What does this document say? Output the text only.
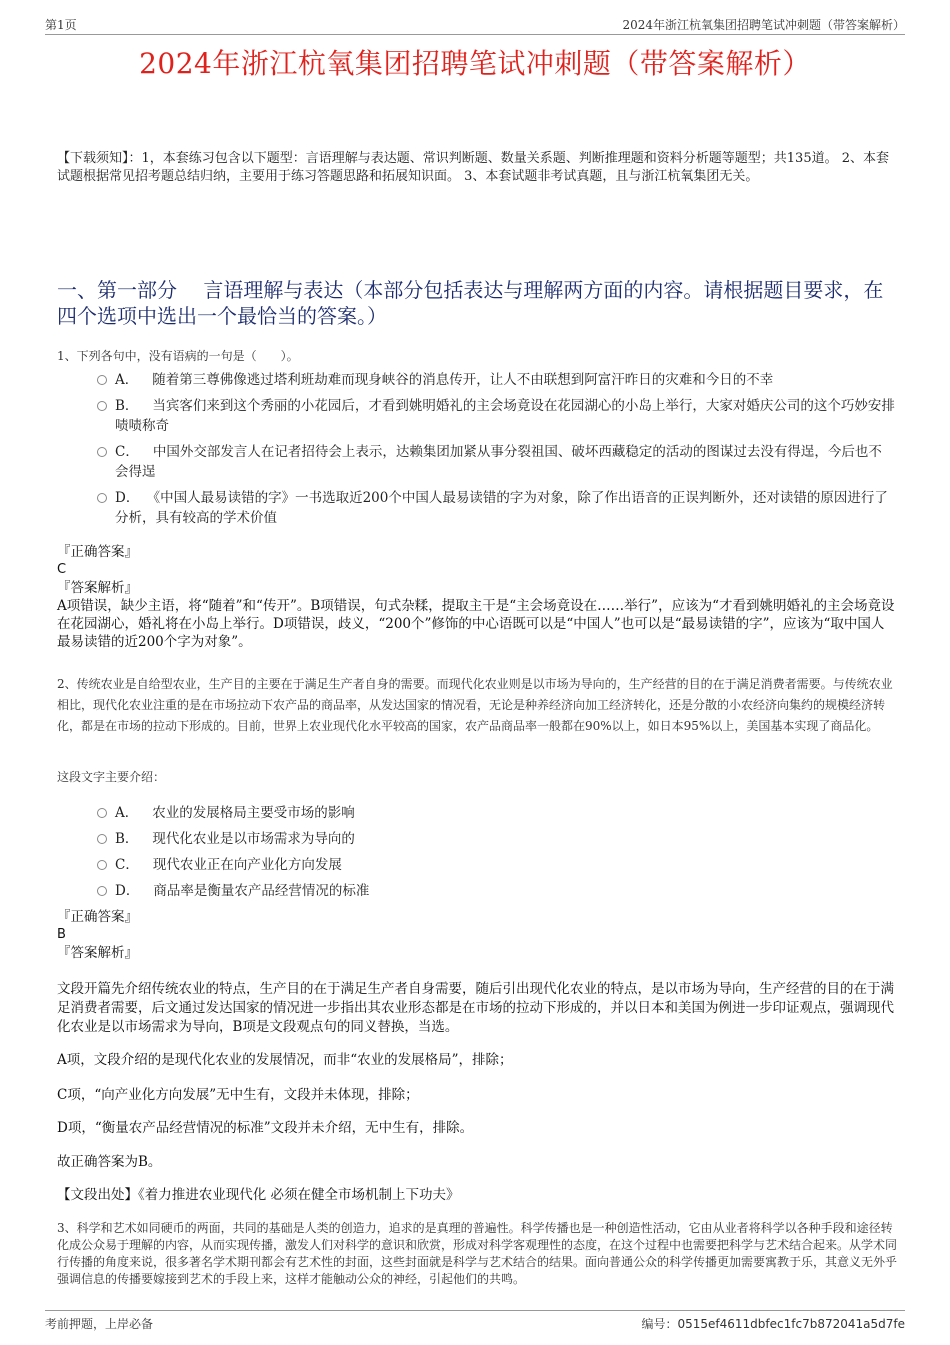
第1页	2024年浙江杭氧集团招聘笔试冲刺题（带答案解析）
2024年浙江杭氧集团招聘笔试冲刺题（带答案解析）
【下载须知】：1，本套练习包含以下题型：言语理解与表达题、常识判断题、数量关系题、判断推理题和资料分析题等题型；共135道。 2、本套试题根据常见招考题总结归纳，主要用于练习答题思路和拓展知识面。 3、本套试题非考试真题，且与浙江杭氧集团无关。
一、第一部分　 言语理解与表达（本部分包括表达与理解两方面的内容。请根据题目要求，在四个选项中选出一个最恰当的答案。）
1、下列各句中，没有语病的一句是（　　）。
A． 随着第三尊佛像逃过塔利班劫难而现身峡谷的消息传开，让人不由联想到阿富汗昨日的灾难和今日的不幸
B． 当宾客们来到这个秀丽的小花园后，才看到姚明婚礼的主会场竟设在花园湖心的小岛上举行，大家对婚庆公司的这个巧妙安排啧啧称奇
C． 中国外交部发言人在记者招待会上表示，达赖集团加紧从事分裂祖国、破坏西藏稳定的活动的图谋过去没有得逞，今后也不会得逞
D． 《中国人最易读错的字》一书选取近200个中国人最易读错的字为对象，除了作出语音的正误判断外，还对读错的原因进行了分析，具有较高的学术价值

『正确答案』

C

『答案解析』

A项错误，缺少主语，将“随着”和“传开”。B项错误，句式杂糅，提取主干是“主会场竟设在……举行”，应该为“才看到姚明婚礼的主会场竟设在花园湖心，婚礼将在小岛上举行。D项错误，歧义，“200个”修饰的中心语既可以是“中国人”也可以是“最易读错的字”，应该为“取中国人最易读错的近200个字为对象”。

2、传统农业是自给型农业，生产目的主要在于满足生产者自身的需要。而现代化农业则是以市场为导向的，生产经营的目的在于满足消费者需要。与传统农业相比，现代化农业注重的是在市场拉动下农产品的商品率，从发达国家的情况看，无论是种养经济向加工经济转化，还是分散的小农经济向集约的规模经济转化，都是在市场的拉动下形成的。目前，世界上农业现代化水平较高的国家，农产品商品率一般都在90%以上，如日本95%以上，美国基本实现了商品化。
这段文字主要介绍：
A． 农业的发展格局主要受市场的影响
B． 现代化农业是以市场需求为导向的
C． 现代农业正在向产业化方向发展
D． 商品率是衡量农产品经营情况的标准

『正确答案』

B

『答案解析』

文段开篇先介绍传统农业的特点，生产目的在于满足生产者自身需要，随后引出现代化农业的特点，是以市场为导向，生产经营的目的在于满足消费者需要，后文通过发达国家的情况进一步指出其农业形态都是在市场的拉动下形成的，并以日本和美国为例进一步印证观点，强调现代化农业是以市场需求为导向，B项是文段观点句的同义替换，当选。
A项，文段介绍的是现代化农业的发展情况，而非“农业的发展格局”，排除；
C项，“向产业化方向发展”无中生有，文段并未体现，排除；
D项，“衡量农产品经营情况的标准”文段并未介绍，无中生有，排除。
故正确答案为B。
【文段出处】《着力推进农业现代化 必须在健全市场机制上下功夫》
3、科学和艺术如同硬币的两面，共同的基础是人类的创造力，追求的是真理的普遍性。科学传播也是一种创造性活动，它由从业者将科学以各种手段和途径转化成公众易于理解的内容，从而实现传播，激发人们对科学的意识和欣赏，形成对科学客观理性的态度，在这个过程中也需要把科学与艺术结合起来。从学术同行传播的角度来说，很多著名学术期刊都会有艺术性的封面，这些封面就是科学与艺术结合的结果。面向普通公众的科学传播更加需要寓教于乐，其意义无外乎强调信息的传播要嫁接到艺术的手段上来，这样才能触动公众的神经，引起他们的共鸣。
考前押题，上岸必备	编号：0515ef4611dbfec1fc7b872041a5d7fe
